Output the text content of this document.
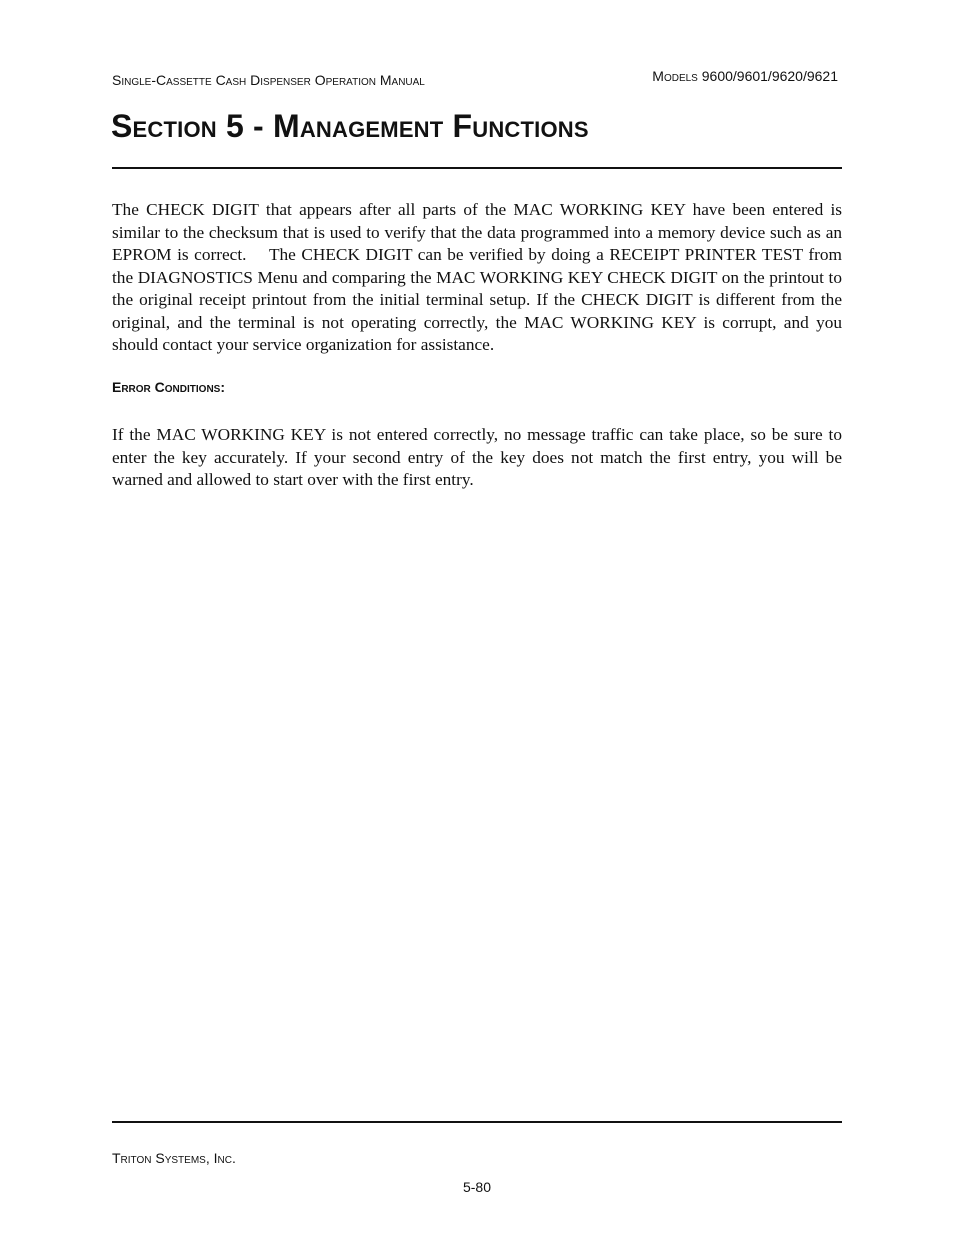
Single-Cassette Cash Dispenser Operation Manual	Models 9600/9601/9620/9621
Section 5 - Management Functions

The CHECK DIGIT that appears after all parts of the MAC WORKING KEY have been entered is similar to the checksum that is used to verify that the data programmed into a memory device such as an EPROM is correct.  The CHECK DIGIT can be verified by doing a RECEIPT PRINTER TEST from the DIAGNOSTICS Menu and comparing the MAC WORKING KEY CHECK DIGIT on the printout to the original receipt printout from the initial terminal setup. If the CHECK DIGIT is different from the original, and the terminal is not operating correctly, the MAC WORKING KEY is corrupt, and you should contact your service organization for assistance.

Error Conditions:

If the MAC WORKING KEY is not entered correctly, no message traffic can take place, so be sure to enter the key accurately. If your second entry of the key does not match the first entry, you will be warned and allowed to start over with the first entry.

Triton Systems, Inc.
5-80
